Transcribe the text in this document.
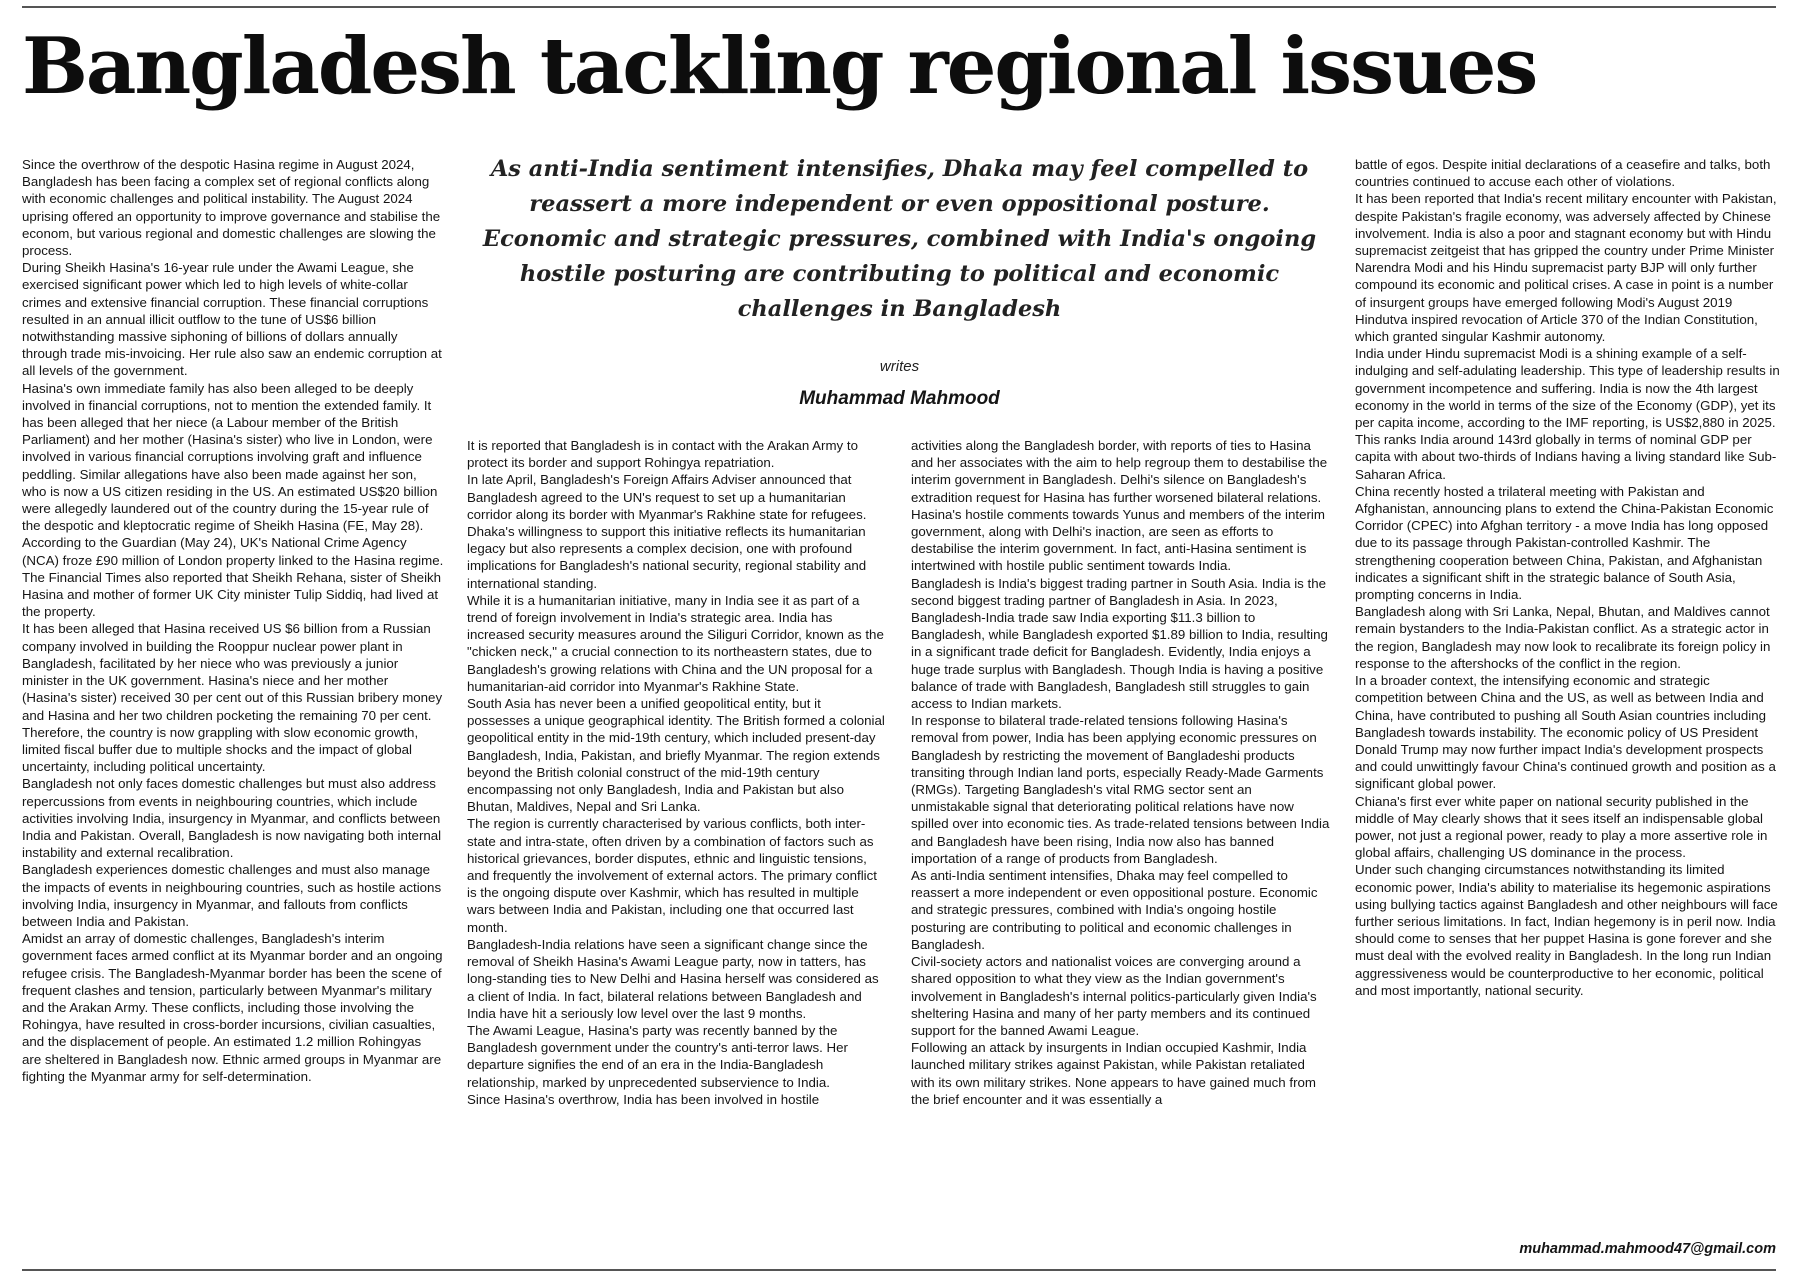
Bangladesh tackling regional issues

Since the overthrow of the despotic Hasina regime in August 2024, Bangladesh has been facing a complex set of regional conflicts along with economic challenges and political instability. The August 2024 uprising offered an opportunity to improve governance and stabilise the econom, but various regional and domestic challenges are slowing the process.

During Sheikh Hasina's 16-year rule under the Awami League, she exercised significant power which led to high levels of white-collar crimes and extensive financial corruption. These financial corruptions resulted in an annual illicit outflow to the tune of US$6 billion notwithstanding massive siphoning of billions of dollars annually through trade mis-invoicing. Her rule also saw an endemic corruption at all levels of the government.

Hasina's own immediate family has also been alleged to be deeply involved in financial corruptions, not to mention the extended family. It has been alleged that her niece (a Labour member of the British Parliament) and her mother (Hasina's sister) who live in London, were involved in various financial corruptions involving graft and influence peddling. Similar allegations have also been made against her son, who is now a US citizen residing in the US. An estimated US$20 billion were allegedly laundered out of the country during the 15-year rule of the despotic and kleptocratic regime of Sheikh Hasina (FE, May 28). According to the Guardian (May 24), UK's National Crime Agency (NCA) froze £90 million of London property linked to the Hasina regime. The Financial Times also reported that Sheikh Rehana, sister of Sheikh Hasina and mother of former UK City minister Tulip Siddiq, had lived at the property.

It has been alleged that Hasina received US $6 billion from a Russian company involved in building the Rooppur nuclear power plant in Bangladesh, facilitated by her niece who was previously a junior minister in the UK government. Hasina's niece and her mother (Hasina's sister) received 30 per cent out of this Russian bribery money and Hasina and her two children pocketing the remaining 70 per cent.

Therefore, the country is now grappling with slow economic growth, limited fiscal buffer due to multiple shocks and the impact of global uncertainty, including political uncertainty.

Bangladesh not only faces domestic challenges but must also address repercussions from events in neighbouring countries, which include activities involving India, insurgency in Myanmar, and conflicts between India and Pakistan. Overall, Bangladesh is now navigating both internal instability and external recalibration.

Bangladesh experiences domestic challenges and must also manage the impacts of events in neighbouring countries, such as hostile actions involving India, insurgency in Myanmar, and fallouts from conflicts between India and Pakistan.

Amidst an array of domestic challenges, Bangladesh's interim government faces armed conflict at its Myanmar border and an ongoing refugee crisis. The Bangladesh-Myanmar border has been the scene of frequent clashes and tension, particularly between Myanmar's military and the Arakan Army. These conflicts, including those involving the Rohingya, have resulted in cross-border incursions, civilian casualties, and the displacement of people. An estimated 1.2 million Rohingyas are sheltered in Bangladesh now. Ethnic armed groups in Myanmar are fighting the Myanmar army for self-determination.

As anti-India sentiment intensifies, Dhaka may feel compelled to reassert a more independent or even oppositional posture. Economic and strategic pressures, combined with India's ongoing hostile posturing are contributing to political and economic challenges in Bangladesh

writes
Muhammad Mahmood

It is reported that Bangladesh is in contact with the Arakan Army to protect its border and support Rohingya repatriation.

In late April, Bangladesh's Foreign Affairs Adviser announced that Bangladesh agreed to the UN's request to set up a humanitarian corridor along its border with Myanmar's Rakhine state for refugees. Dhaka's willingness to support this initiative reflects its humanitarian legacy but also represents a complex decision, one with profound implications for Bangladesh's national security, regional stability and international standing.

While it is a humanitarian initiative, many in India see it as part of a trend of foreign involvement in India's strategic area. India has increased security measures around the Siliguri Corridor, known as the "chicken neck," a crucial connection to its northeastern states, due to Bangladesh's growing relations with China and the UN proposal for a humanitarian-aid corridor into Myanmar's Rakhine State.

South Asia has never been a unified geopolitical entity, but it possesses a unique geographical identity. The British formed a colonial geopolitical entity in the mid-19th century, which included present-day Bangladesh, India, Pakistan, and briefly Myanmar. The region extends beyond the British colonial construct of the mid-19th century encompassing not only Bangladesh, India and Pakistan but also Bhutan, Maldives, Nepal and Sri Lanka.

The region is currently characterised by various conflicts, both inter-state and intra-state, often driven by a combination of factors such as historical grievances, border disputes, ethnic and linguistic tensions, and frequently the involvement of external actors. The primary conflict is the ongoing dispute over Kashmir, which has resulted in multiple wars between India and Pakistan, including one that occurred last month.

Bangladesh-India relations have seen a significant change since the removal of Sheikh Hasina's Awami League party, now in tatters, has long-standing ties to New Delhi and Hasina herself was considered as a client of India. In fact, bilateral relations between Bangladesh and India have hit a seriously low level over the last 9 months.

The Awami League, Hasina's party was recently banned by the Bangladesh government under the country's anti-terror laws. Her departure signifies the end of an era in the India-Bangladesh relationship, marked by unprecedented subservience to India.

Since Hasina's overthrow, India has been involved in hostile

activities along the Bangladesh border, with reports of ties to Hasina and her associates with the aim to help regroup them to destabilise the interim government in Bangladesh. Delhi's silence on Bangladesh's extradition request for Hasina has further worsened bilateral relations. Hasina's hostile comments towards Yunus and members of the interim government, along with Delhi's inaction, are seen as efforts to destabilise the interim government. In fact, anti-Hasina sentiment is intertwined with hostile public sentiment towards India.

Bangladesh is India's biggest trading partner in South Asia. India is the second biggest trading partner of Bangladesh in Asia. In 2023, Bangladesh-India trade saw India exporting $11.3 billion to Bangladesh, while Bangladesh exported $1.89 billion to India, resulting in a significant trade deficit for Bangladesh. Evidently, India enjoys a huge trade surplus with Bangladesh. Though India is having a positive balance of trade with Bangladesh, Bangladesh still struggles to gain access to Indian markets.

In response to bilateral trade-related tensions following Hasina's removal from power, India has been applying economic pressures on Bangladesh by restricting the movement of Bangladeshi products transiting through Indian land ports, especially Ready-Made Garments (RMGs). Targeting Bangladesh's vital RMG sector sent an unmistakable signal that deteriorating political relations have now spilled over into economic ties. As trade-related tensions between India and Bangladesh have been rising, India now also has banned importation of a range of products from Bangladesh.

As anti-India sentiment intensifies, Dhaka may feel compelled to reassert a more independent or even oppositional posture. Economic and strategic pressures, combined with India's ongoing hostile posturing are contributing to political and economic challenges in Bangladesh.

Civil-society actors and nationalist voices are converging around a shared opposition to what they view as the Indian government's involvement in Bangladesh's internal politics-particularly given India's sheltering Hasina and many of her party members and its continued support for the banned Awami League.

Following an attack by insurgents in Indian occupied Kashmir, India launched military strikes against Pakistan, while Pakistan retaliated with its own military strikes. None appears to have gained much from the brief encounter and it was essentially a

battle of egos. Despite initial declarations of a ceasefire and talks, both countries continued to accuse each other of violations.

It has been reported that India's recent military encounter with Pakistan, despite Pakistan's fragile economy, was adversely affected by Chinese involvement. India is also a poor and stagnant economy but with Hindu supremacist zeitgeist that has gripped the country under Prime Minister Narendra Modi and his Hindu supremacist party BJP will only further compound its economic and political crises. A case in point is a number of insurgent groups have emerged following Modi's August 2019 Hindutva inspired revocation of Article 370 of the Indian Constitution, which granted singular Kashmir autonomy.

India under Hindu supremacist Modi is a shining example of a self-indulging and self-adulating leadership. This type of leadership results in government incompetence and suffering. India is now the 4th largest economy in the world in terms of the size of the Economy (GDP), yet its per capita income, according to the IMF reporting, is US$2,880 in 2025. This ranks India around 143rd globally in terms of nominal GDP per capita with about two-thirds of Indians having a living standard like Sub-Saharan Africa.

China recently hosted a trilateral meeting with Pakistan and Afghanistan, announcing plans to extend the China-Pakistan Economic Corridor (CPEC) into Afghan territory - a move India has long opposed due to its passage through Pakistan-controlled Kashmir. The strengthening cooperation between China, Pakistan, and Afghanistan indicates a significant shift in the strategic balance of South Asia, prompting concerns in India.

Bangladesh along with Sri Lanka, Nepal, Bhutan, and Maldives cannot remain bystanders to the India-Pakistan conflict. As a strategic actor in the region, Bangladesh may now look to recalibrate its foreign policy in response to the aftershocks of the conflict in the region.

In a broader context, the intensifying economic and strategic competition between China and the US, as well as between India and China, have contributed to pushing all South Asian countries including Bangladesh towards instability. The economic policy of US President Donald Trump may now further impact India's development prospects and could unwittingly favour China's continued growth and position as a significant global power.

Chiana's first ever white paper on national security published in the middle of May clearly shows that it sees itself an indispensable global power, not just a regional power, ready to play a more assertive role in global affairs, challenging US dominance in the process.

Under such changing circumstances notwithstanding its limited economic power, India's ability to materialise its hegemonic aspirations using bullying tactics against Bangladesh and other neighbours will face further serious limitations. In fact, Indian hegemony is in peril now. India should come to senses that her puppet Hasina is gone forever and she must deal with the evolved reality in Bangladesh. In the long run Indian aggressiveness would be counterproductive to her economic, political and most importantly, national security.

muhammad.mahmood47@gmail.com
